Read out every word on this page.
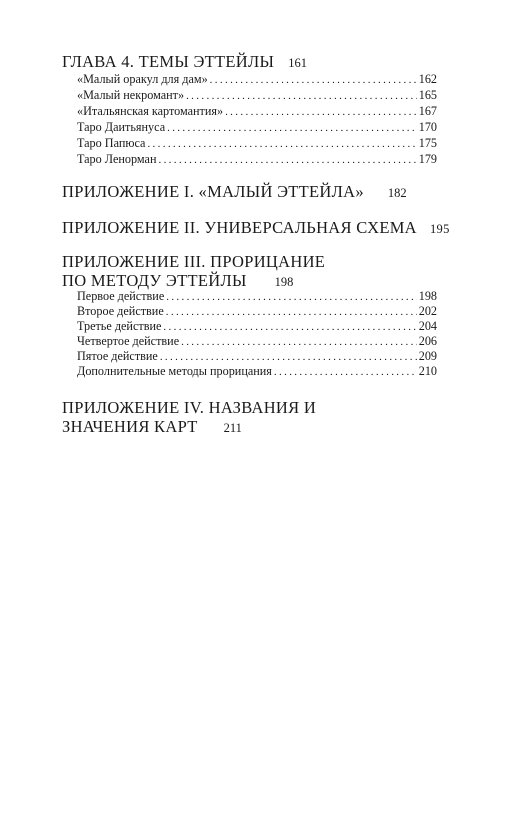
ГЛАВА 4. ТЕМЫ ЭТТЕЙЛЫ 161
«Малый оракул для дам» . . .	162
«Малый некромант» . . .	165
«Итальянская картомантия» . . .	167
Таро Даитьянуса . . .	170
Таро Папюса . . .	175
Таро Ленорман . . .	179
ПРИЛОЖЕНИЕ I. «МАЛЫЙ ЭТТЕЙЛА» 182
ПРИЛОЖЕНИЕ II. УНИВЕРСАЛЬНАЯ СХЕМА 195
ПРИЛОЖЕНИЕ III. ПРОРИЦАНИЕ
ПО МЕТОДУ ЭТТЕЙЛЫ 198
Первое действие . . .	198
Второе действие . . .	202
Третье действие . . .	204
Четвертое действие . . .	206
Пятое действие . . .	209
Дополнительные методы прорицания . . .	210
ПРИЛОЖЕНИЕ IV. НАЗВАНИЯ И
ЗНАЧЕНИЯ КАРТ 211
